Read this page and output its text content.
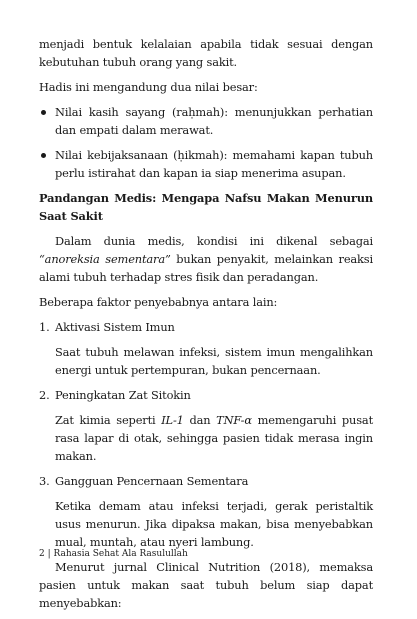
menjadi bentuk kelalaian apabila tidak sesuai dengan kebutuhan tubuh orang yang sakit.

Hadis ini mengandung dua nilai besar:

Nilai kasih sayang (raḥmah): menunjukkan perhatian dan empati dalam merawat.
Nilai kebijaksanaan (ḥikmah): memahami kapan tubuh perlu istirahat dan kapan ia siap menerima asupan.

Pandangan Medis: Mengapa Nafsu Makan Menurun Saat Sakit

Dalam dunia medis, kondisi ini dikenal sebagai “anoreksia sementara” bukan penyakit, melainkan reaksi alami tubuh terhadap stres fisik dan peradangan.

Beberapa faktor penyebabnya antara lain:

1. Aktivasi Sistem Imun
Saat tubuh melawan infeksi, sistem imun mengalihkan energi untuk pertempuran, bukan pencernaan.
2. Peningkatan Zat Sitokin
Zat kimia seperti IL-1 dan TNF-α memengaruhi pusat rasa lapar di otak, sehingga pasien tidak merasa ingin makan.
3. Gangguan Pencernaan Sementara
Ketika demam atau infeksi terjadi, gerak peristaltik usus menurun. Jika dipaksa makan, bisa menyebabkan mual, muntah, atau nyeri lambung.

Menurut jurnal Clinical Nutrition (2018), memaksa pasien untuk makan saat tubuh belum siap dapat menyebabkan:

2 | Rahasia Sehat Ala Rasulullah
